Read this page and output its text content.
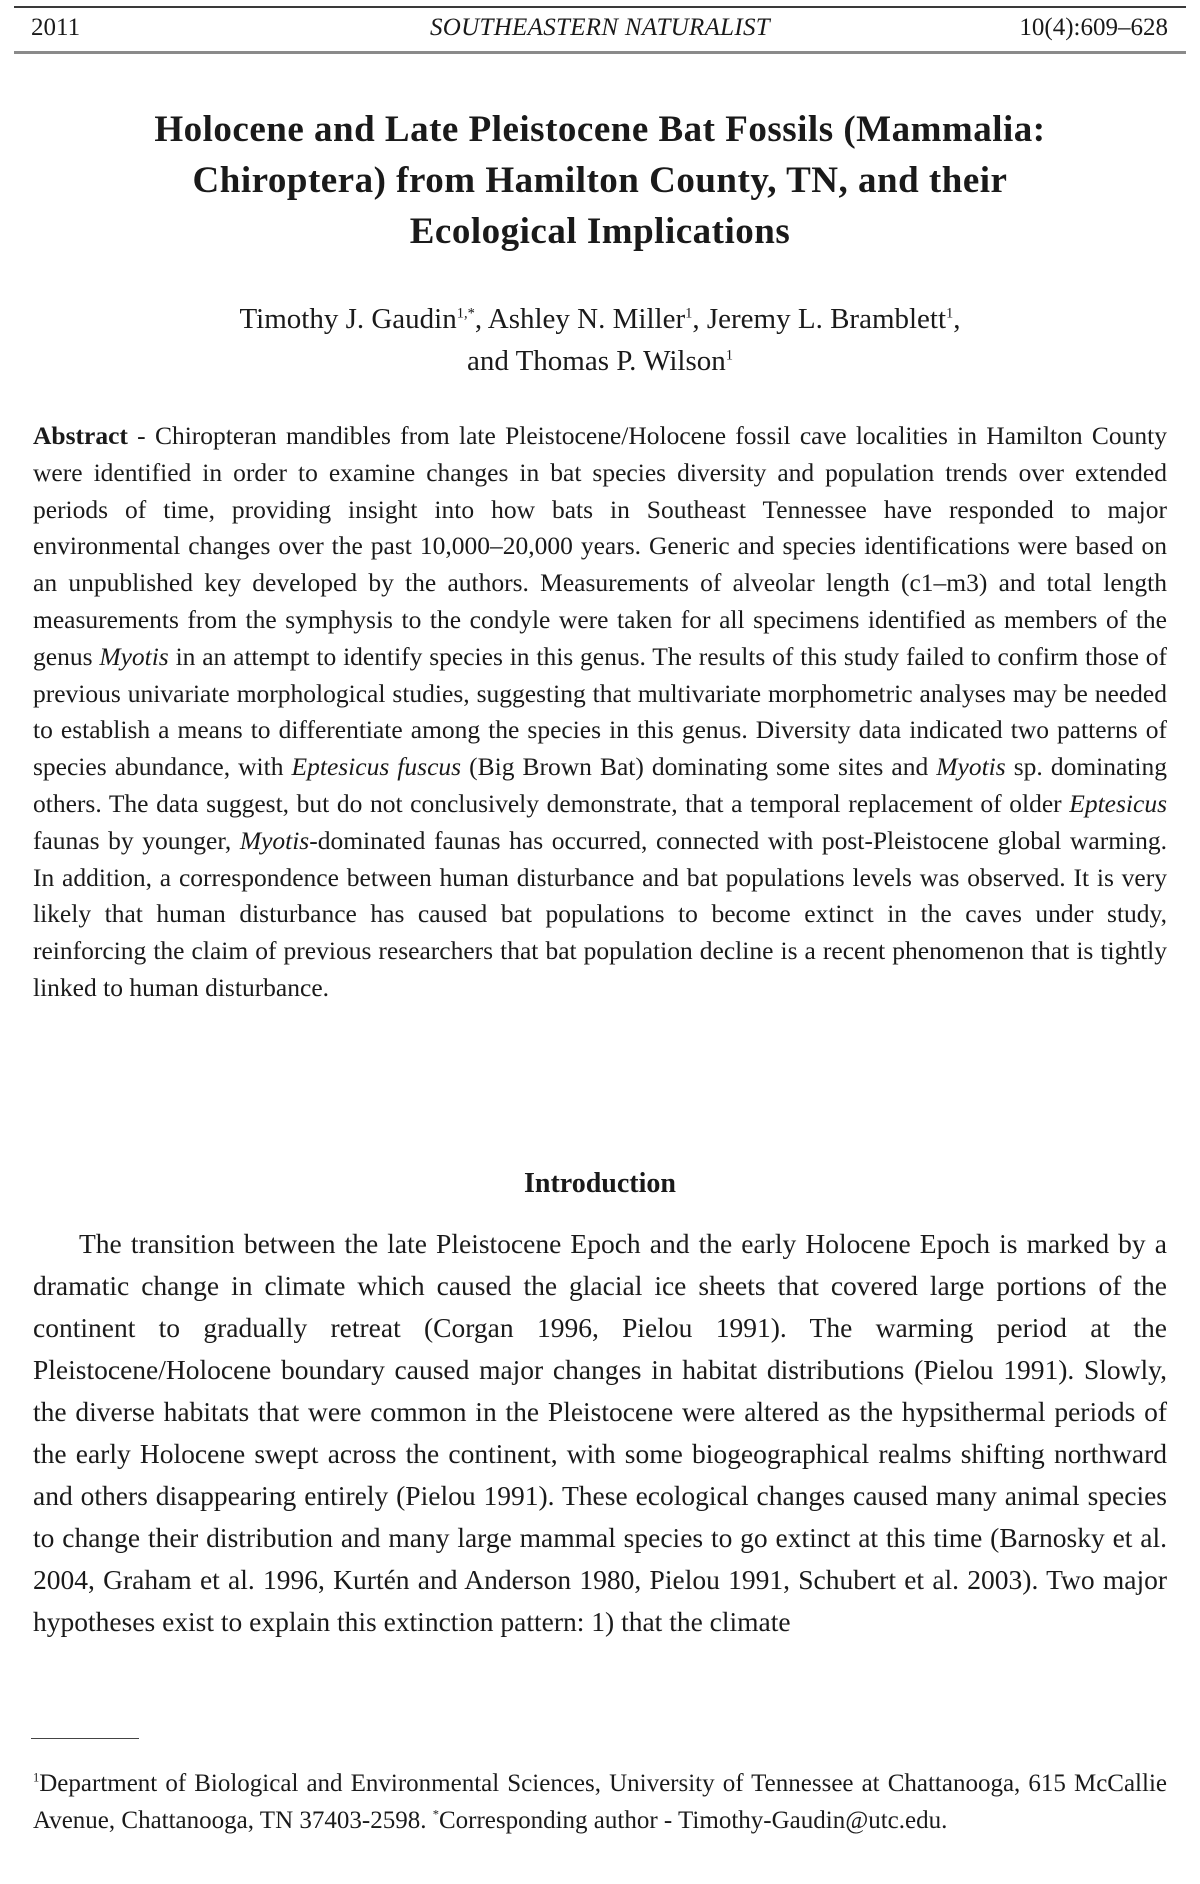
2011	SOUTHEASTERN NATURALIST	10(4):609–628
Holocene and Late Pleistocene Bat Fossils (Mammalia:
Chiroptera) from Hamilton County, TN, and their
Ecological Implications
Timothy J. Gaudin$^{1,*}$, Ashley N. Miller$^1$, Jeremy L. Bramblett$^1$,
and Thomas P. Wilson$^1$

Abstract - Chiropteran mandibles from late Pleistocene/Holocene fossil cave localities in Hamilton County were identified in order to examine changes in bat species diversity and population trends over extended periods of time, providing insight into how bats in Southeast Tennessee have responded to major environmental changes over the past 10,000–20,000 years. Generic and species identifications were based on an unpublished key developed by the authors. Measurements of alveolar length (c1–m3) and total length measurements from the symphysis to the condyle were taken for all specimens identified as members of the genus Myotis in an attempt to identify species in this genus. The results of this study failed to confirm those of previous univariate morphological studies, suggesting that multivariate morphometric analyses may be needed to establish a means to differentiate among the species in this genus. Diversity data indicated two patterns of species abundance, with Eptesicus fuscus (Big Brown Bat) dominating some sites and Myotis sp. dominating others. The data suggest, but do not conclusively demonstrate, that a temporal replacement of older Eptesicus faunas by younger, Myotis-dominated faunas has occurred, connected with post-Pleistocene global warming. In addition, a correspondence between human disturbance and bat populations levels was observed. It is very likely that human disturbance has caused bat populations to become extinct in the caves under study, reinforcing the claim of previous researchers that bat population decline is a recent phenomenon that is tightly linked to human disturbance.

Introduction

The transition between the late Pleistocene Epoch and the early Holocene Epoch is marked by a dramatic change in climate which caused the glacial ice sheets that covered large portions of the continent to gradually retreat (Corgan 1996, Pielou 1991). The warming period at the Pleistocene/Holocene boundary caused major changes in habitat distributions (Pielou 1991). Slowly, the diverse habitats that were common in the Pleistocene were altered as the hypsithermal periods of the early Holocene swept across the continent, with some biogeographical realms shifting northward and others disappearing entirely (Pielou 1991). These ecological changes caused many animal species to change their distribution and many large mammal species to go extinct at this time (Barnosky et al. 2004, Graham et al. 1996, Kurtén and Anderson 1980, Pielou 1991, Schubert et al. 2003). Two major hypotheses exist to explain this extinction pattern: 1) that the climate

$^1$Department of Biological and Environmental Sciences, University of Tennessee at Chattanooga, 615 McCallie Avenue, Chattanooga, TN 37403-2598. *Corresponding author - Timothy-Gaudin@utc.edu.
